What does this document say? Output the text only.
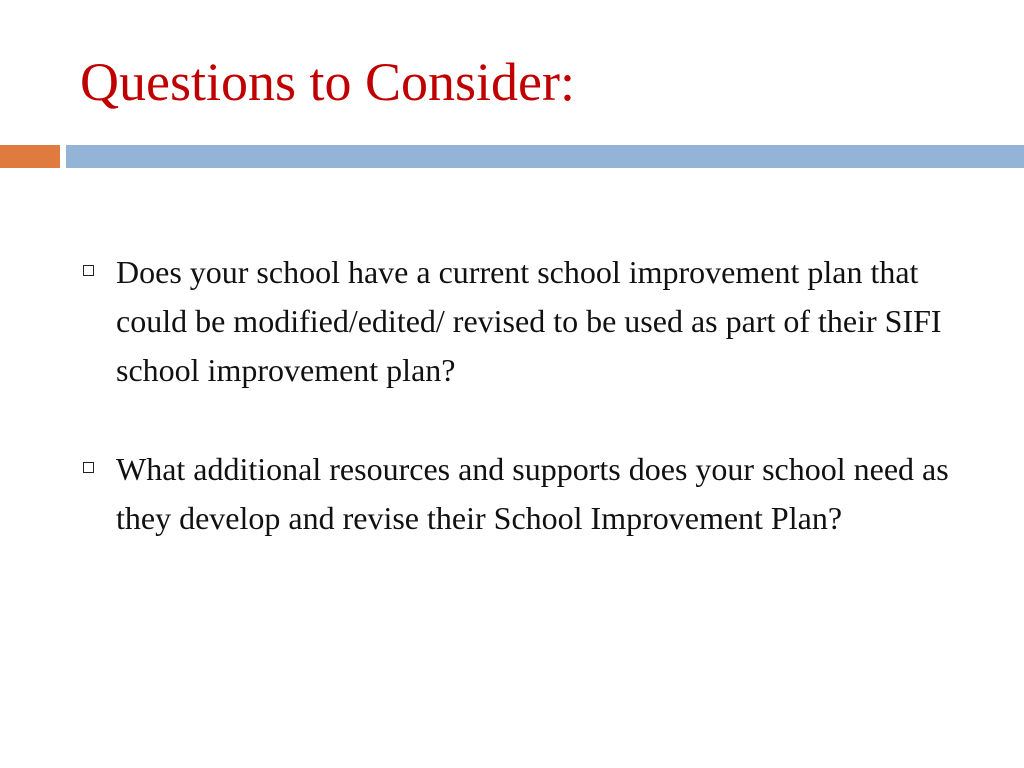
Questions to Consider:
Does your school have a current school improvement plan that could be modified/edited/ revised to be used as part of their SIFI school improvement plan?
What additional resources and supports does your school need as they develop and revise their School Improvement Plan?
